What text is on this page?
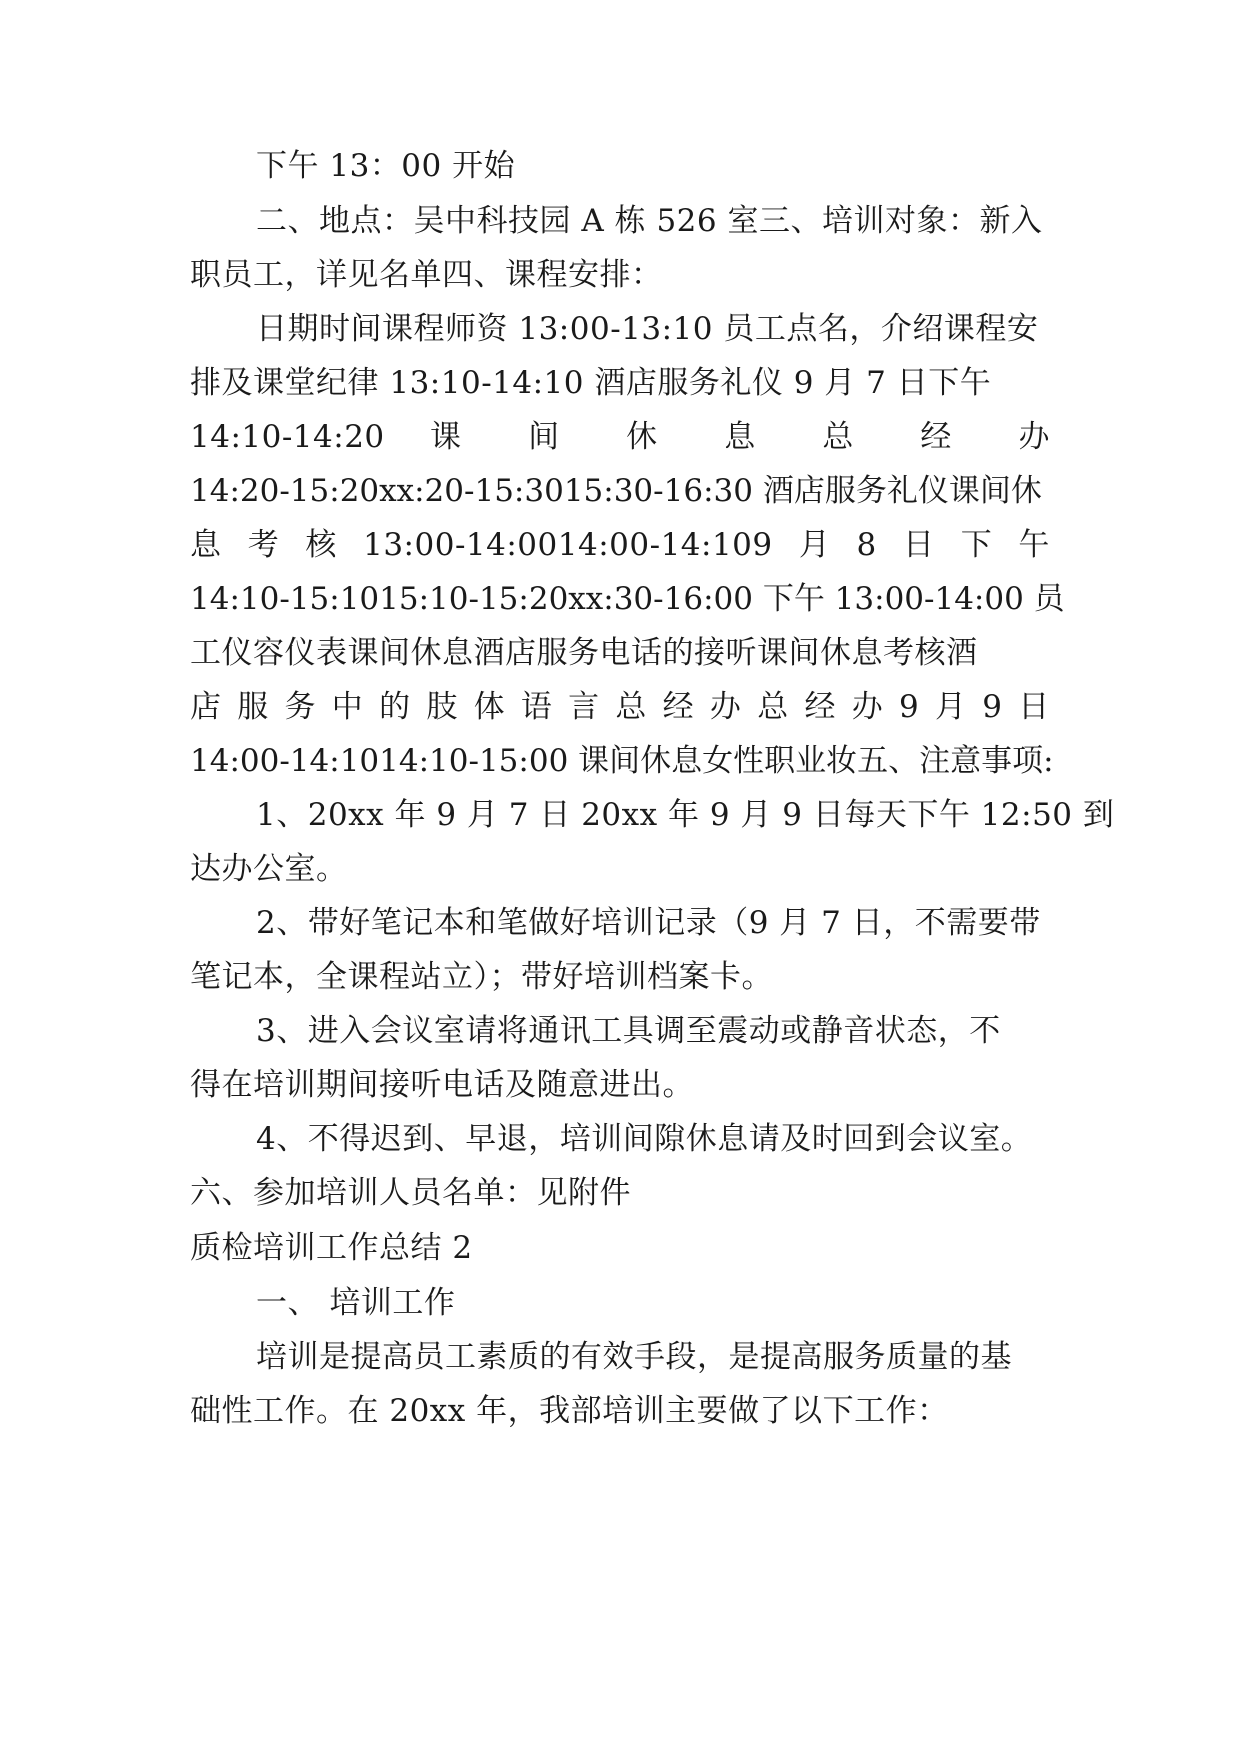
下午 13：00 开始
二、地点：吴中科技园 A 栋 526 室三、培训对象：新入
职员工，详见名单四、课程安排：
日期时间课程师资 13:00-13:10 员工点名，介绍课程安
排及课堂纪律 13:10-14:10 酒店服务礼仪 9 月 7 日下午
14:10-14:20 课 间 休 息 总 经 办
14:20-15:20xx:20-15:3015:30-16:30 酒店服务礼仪课间休
息 考 核 13:00-14:0014:00-14:109 月 8 日 下 午
14:10-15:1015:10-15:20xx:30-16:00 下午 13:00-14:00 员
工仪容仪表课间休息酒店服务电话的接听课间休息考核酒
店 服 务 中 的 肢 体 语 言 总 经 办 总 经 办 9 月 9 日
14:00-14:1014:10-15:00 课间休息女性职业妆五、注意事项:
1、20xx 年 9 月 7 日 20xx 年 9 月 9 日每天下午 12:50 到
达办公室。
2、带好笔记本和笔做好培训记录（9 月 7 日，不需要带
笔记本，全课程站立）；带好培训档案卡。
3、进入会议室请将通讯工具调至震动或静音状态，不
得在培训期间接听电话及随意进出。
4、不得迟到、早退，培训间隙休息请及时回到会议室。
六、参加培训人员名单：见附件
质检培训工作总结 2
一、 培训工作
培训是提高员工素质的有效手段，是提高服务质量的基
础性工作。在 20xx 年，我部培训主要做了以下工作：
